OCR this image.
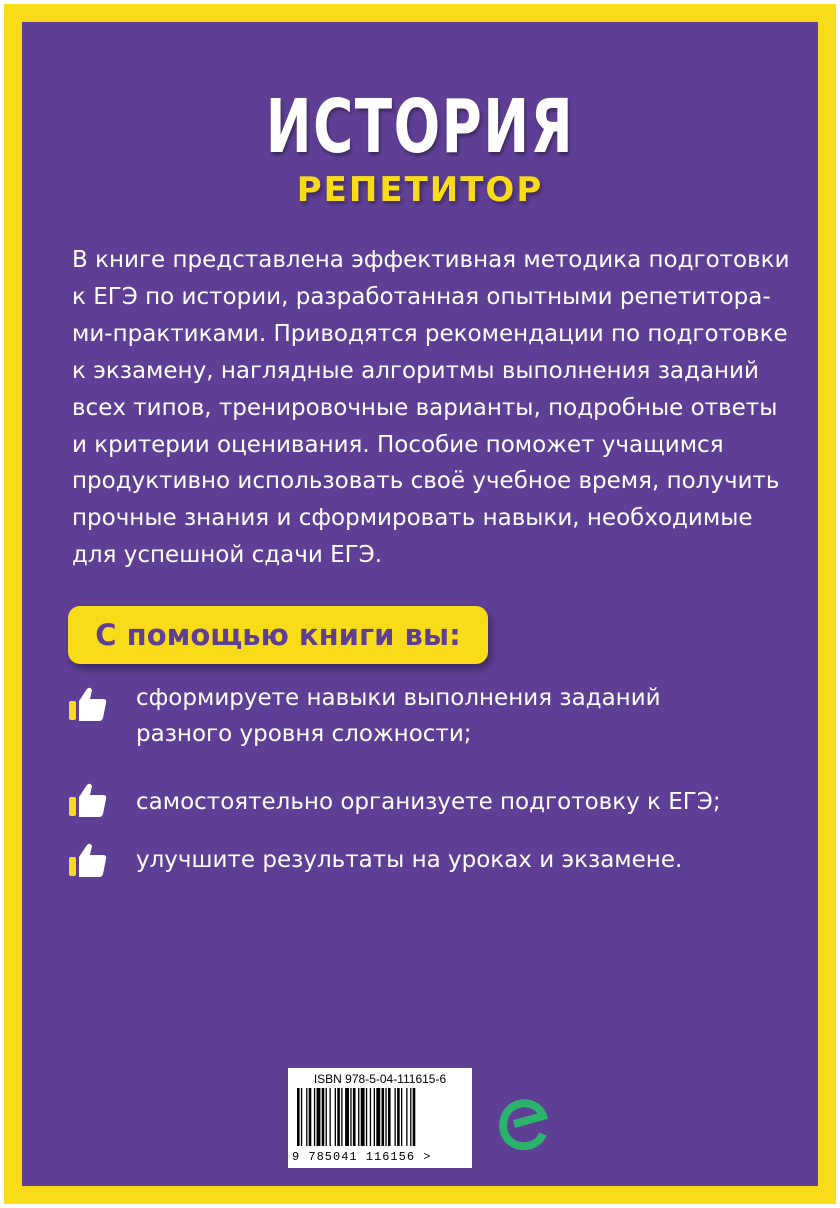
ИСТОРИЯ
РЕПЕТИТОР

В книге представлена эффективная методика подготовки
к ЕГЭ по истории, разработанная опытными репетитора-
ми-практиками. Приводятся рекомендации по подготовке
к экзамену, наглядные алгоритмы выполнения заданий
всех типов, тренировочные варианты, подробные ответы
и критерии оценивания. Пособие поможет учащимся
продуктивно использовать своё учебное время, получить
прочные знания и сформировать навыки, необходимые
для успешной сдачи ЕГЭ.

С помощью книги вы:
сформируете навыки выполнения заданий
разного уровня сложности;
самостоятельно организуете подготовку к ЕГЭ;
улучшите результаты на уроках и экзамене.
ISBN 978-5-04-111615-6
9 785041 116156 >
